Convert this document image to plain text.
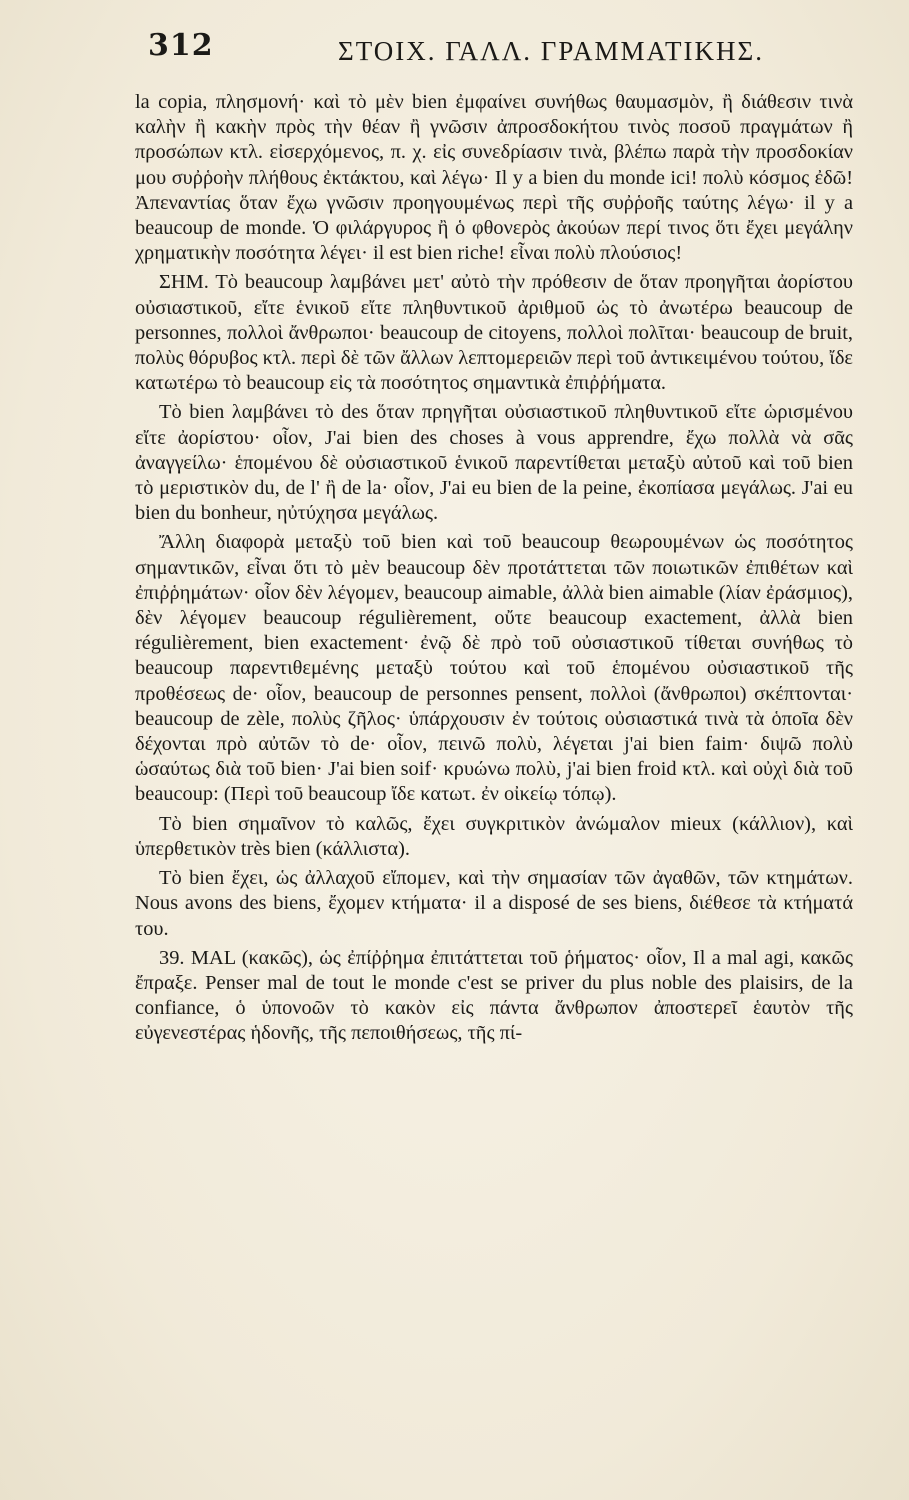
312	ΣΤΟΙΧ. ΓΑΛΛ. ΓΡΑΜΜΑΤΙΚΗΣ.

la copia, πλησμονή· καὶ τὸ μὲν bien ἐμφαίνει συνήθως θαυμασμὸν, ἢ διάθεσιν τινὰ καλὴν ἢ κακὴν πρὸς τὴν θέαν ἢ γνῶσιν ἀπροσδοκήτου τινὸς ποσοῦ πραγμάτων ἢ προσώπων κτλ. εἰσερχόμενος, π. χ. εἰς συνεδρίασιν τινὰ, βλέπω παρὰ τὴν προσδοκίαν μου συῤῥοὴν πλήθους ἐκτάκτου, καὶ λέγω· Il y a bien du monde ici! πολὺ κόσμος ἐδῶ! Ἀπεναντίας ὅταν ἔχω γνῶσιν προηγουμένως περὶ τῆς συῤῥοῆς ταύτης λέγω· il y a beaucoup de monde. Ὁ φιλάργυρος ἢ ὁ φθονερὸς ἀκούων περί τινος ὅτι ἔχει μεγάλην χρηματικὴν ποσότητα λέγει· il est bien riche! εἶναι πολὺ πλούσιος!

ΣΗΜ. Τὸ beaucoup λαμβάνει μετ' αὐτὸ τὴν πρόθεσιν de ὅταν προηγῆται ἀορίστου οὐσιαστικοῦ, εἴτε ἑνικοῦ εἴτε πληθυντικοῦ ἀριθμοῦ ὡς τὸ ἀνωτέρω beaucoup de personnes, πολλοὶ ἄνθρωποι· beaucoup de citoyens, πολλοὶ πολῖται· beaucoup de bruit, πολὺς θόρυβος κτλ. περὶ δὲ τῶν ἄλλων λεπτομερειῶν περὶ τοῦ ἀντικειμένου τούτου, ἴδε κατωτέρω τὸ beaucoup εἰς τὰ ποσότητος σημαντικὰ ἐπιῤῥήματα.

Τὸ bien λαμβάνει τὸ des ὅταν πρηγῆται οὐσιαστικοῦ πληθυντικοῦ εἴτε ὡρισμένου εἴτε ἀορίστου· οἷον, J'ai bien des choses à vous apprendre, ἔχω πολλὰ νὰ σᾶς ἀναγγείλω· ἑπομένου δὲ οὐσιαστικοῦ ἑνικοῦ παρεντίθεται μεταξὺ αὐτοῦ καὶ τοῦ bien τὸ μεριστικὸν du, de l' ἢ de la· οἷον, J'ai eu bien de la peine, ἐκοπίασα μεγάλως. J'ai eu bien du bonheur, ηὐτύχησα μεγάλως.

Ἄλλη διαφορὰ μεταξὺ τοῦ bien καὶ τοῦ beaucoup θεωρουμένων ὡς ποσότητος σημαντικῶν, εἶναι ὅτι τὸ μὲν beaucoup δὲν προτάττεται τῶν ποιωτικῶν ἐπιθέτων καὶ ἐπιῤῥημάτων· οἷον δὲν λέγομεν, beaucoup aimable, ἀλλὰ bien aimable (λίαν ἐράσμιος), δὲν λέγομεν beaucoup régulièrement, οὔτε beaucoup exactement, ἀλλὰ bien régulièrement, bien exactement· ἐνῷ δὲ πρὸ τοῦ οὐσιαστικοῦ τίθεται συνήθως τὸ beaucoup παρεντιθεμένης μεταξὺ τούτου καὶ τοῦ ἑπομένου οὐσιαστικοῦ τῆς προθέσεως de· οἷον, beaucoup de personnes pensent, πολλοὶ (ἄνθρωποι) σκέπτονται· beaucoup de zèle, πολὺς ζῆλος· ὑπάρχουσιν ἐν τούτοις οὐσιαστικά τινὰ τὰ ὁποῖα δὲν δέχονται πρὸ αὐτῶν τὸ de· οἷον, πεινῶ πολὺ, λέγεται j'ai bien faim· διψῶ πολὺ ὡσαύτως διὰ τοῦ bien· J'ai bien soif· κρυώνω πολὺ, j'ai bien froid κτλ. καὶ οὐχὶ διὰ τοῦ beaucoup: (Περὶ τοῦ beaucoup ἴδε κατωτ. ἐν οἰκείῳ τόπῳ).

Τὸ bien σημαῖνον τὸ καλῶς, ἔχει συγκριτικὸν ἀνώμαλον mieux (κάλλιον), καὶ ὑπερθετικὸν très bien (κάλλιστα).

Τὸ bien ἔχει, ὡς ἀλλαχοῦ εἴπομεν, καὶ τὴν σημασίαν τῶν ἀγαθῶν, τῶν κτημάτων. Nous avons des biens, ἔχομεν κτήματα· il a disposé de ses biens, διέθεσε τὰ κτήματά του.

39. MAL (κακῶς), ὡς ἐπίῤῥημα ἐπιτάττεται τοῦ ῥήματος· οἷον, Il a mal agi, κακῶς ἔπραξε. Penser mal de tout le monde c'est se priver du plus noble des plaisirs, de la confiance, ὁ ὑπονοῶν τὸ κακὸν εἰς πάντα ἄνθρωπον ἀποστερεῖ ἑαυτὸν τῆς εὐγενεστέρας ἡδονῆς, τῆς πεποιθήσεως, τῆς πί-
